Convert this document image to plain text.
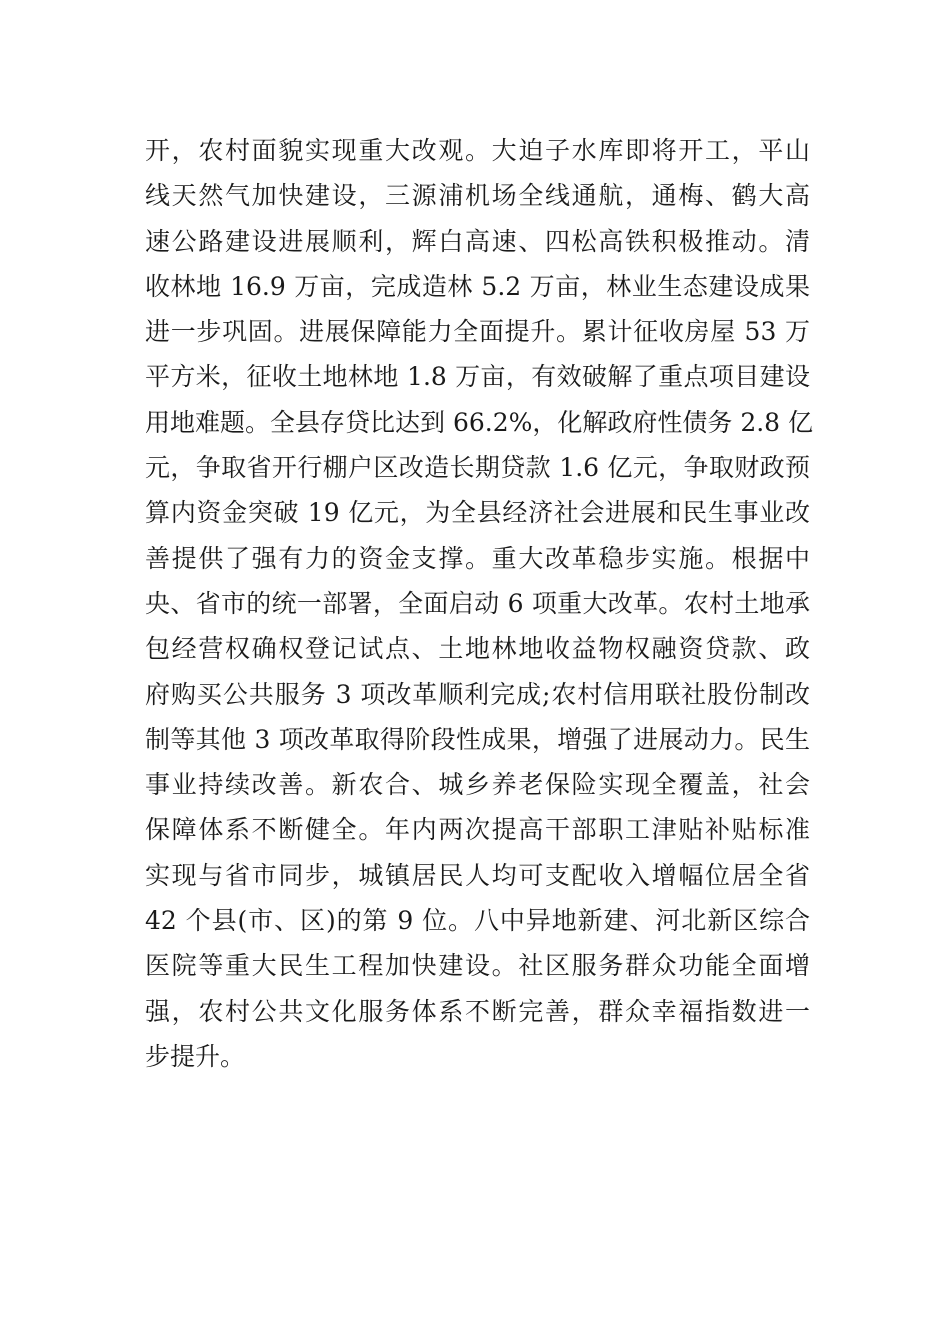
开，农村面貌实现重大改观。大迫子水库即将开工，平山
线天然气加快建设，三源浦机场全线通航，通梅、鹤大高
速公路建设进展顺利，辉白高速、四松高铁积极推动。清
收林地 16.9 万亩，完成造林 5.2 万亩，林业生态建设成果
进一步巩固。进展保障能力全面提升。累计征收房屋 53 万
平方米，征收土地林地 1.8 万亩，有效破解了重点项目建设
用地难题。全县存贷比达到 66.2%，化解政府性债务 2.8 亿
元，争取省开行棚户区改造长期贷款 1.6 亿元，争取财政预
算内资金突破 19 亿元，为全县经济社会进展和民生事业改
善提供了强有力的资金支撑。重大改革稳步实施。根据中
央、省市的统一部署，全面启动 6 项重大改革。农村土地承
包经营权确权登记试点、土地林地收益物权融资贷款、政
府购买公共服务 3 项改革顺利完成;农村信用联社股份制改
制等其他 3 项改革取得阶段性成果，增强了进展动力。民生
事业持续改善。新农合、城乡养老保险实现全覆盖，社会
保障体系不断健全。年内两次提高干部职工津贴补贴标准
实现与省市同步，城镇居民人均可支配收入增幅位居全省
42 个县(市、区)的第 9 位。八中异地新建、河北新区综合
医院等重大民生工程加快建设。社区服务群众功能全面增
强，农村公共文化服务体系不断完善，群众幸福指数进一
步提升。
